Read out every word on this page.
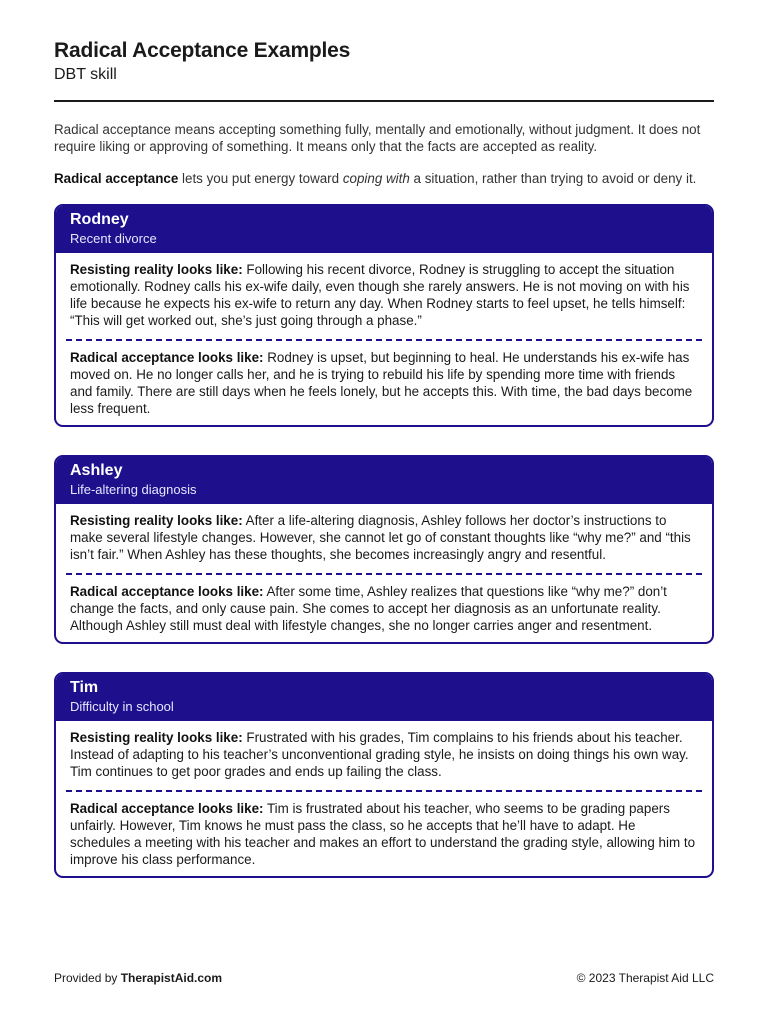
Radical Acceptance Examples
DBT skill

Radical acceptance means accepting something fully, mentally and emotionally, without judgment. It does not require liking or approving of something. It means only that the facts are accepted as reality.

Radical acceptance lets you put energy toward coping with a situation, rather than trying to avoid or deny it.

Rodney
Recent divorce
Resisting reality looks like: Following his recent divorce, Rodney is struggling to accept the situation emotionally. Rodney calls his ex-wife daily, even though she rarely answers. He is not moving on with his life because he expects his ex-wife to return any day. When Rodney starts to feel upset, he tells himself: “This will get worked out, she’s just going through a phase.”
Radical acceptance looks like: Rodney is upset, but beginning to heal. He understands his ex-wife has moved on. He no longer calls her, and he is trying to rebuild his life by spending more time with friends and family. There are still days when he feels lonely, but he accepts this. With time, the bad days become less frequent.
Ashley
Life-altering diagnosis
Resisting reality looks like: After a life-altering diagnosis, Ashley follows her doctor’s instructions to make several lifestyle changes. However, she cannot let go of constant thoughts like “why me?” and “this isn’t fair.” When Ashley has these thoughts, she becomes increasingly angry and resentful.
Radical acceptance looks like: After some time, Ashley realizes that questions like “why me?” don’t change the facts, and only cause pain. She comes to accept her diagnosis as an unfortunate reality. Although Ashley still must deal with lifestyle changes, she no longer carries anger and resentment.
Tim
Difficulty in school
Resisting reality looks like: Frustrated with his grades, Tim complains to his friends about his teacher. Instead of adapting to his teacher’s unconventional grading style, he insists on doing things his own way. Tim continues to get poor grades and ends up failing the class.
Radical acceptance looks like: Tim is frustrated about his teacher, who seems to be grading papers unfairly. However, Tim knows he must pass the class, so he accepts that he’ll have to adapt. He schedules a meeting with his teacher and makes an effort to understand the grading style, allowing him to improve his class performance.
Provided by TherapistAid.com	© 2023 Therapist Aid LLC
